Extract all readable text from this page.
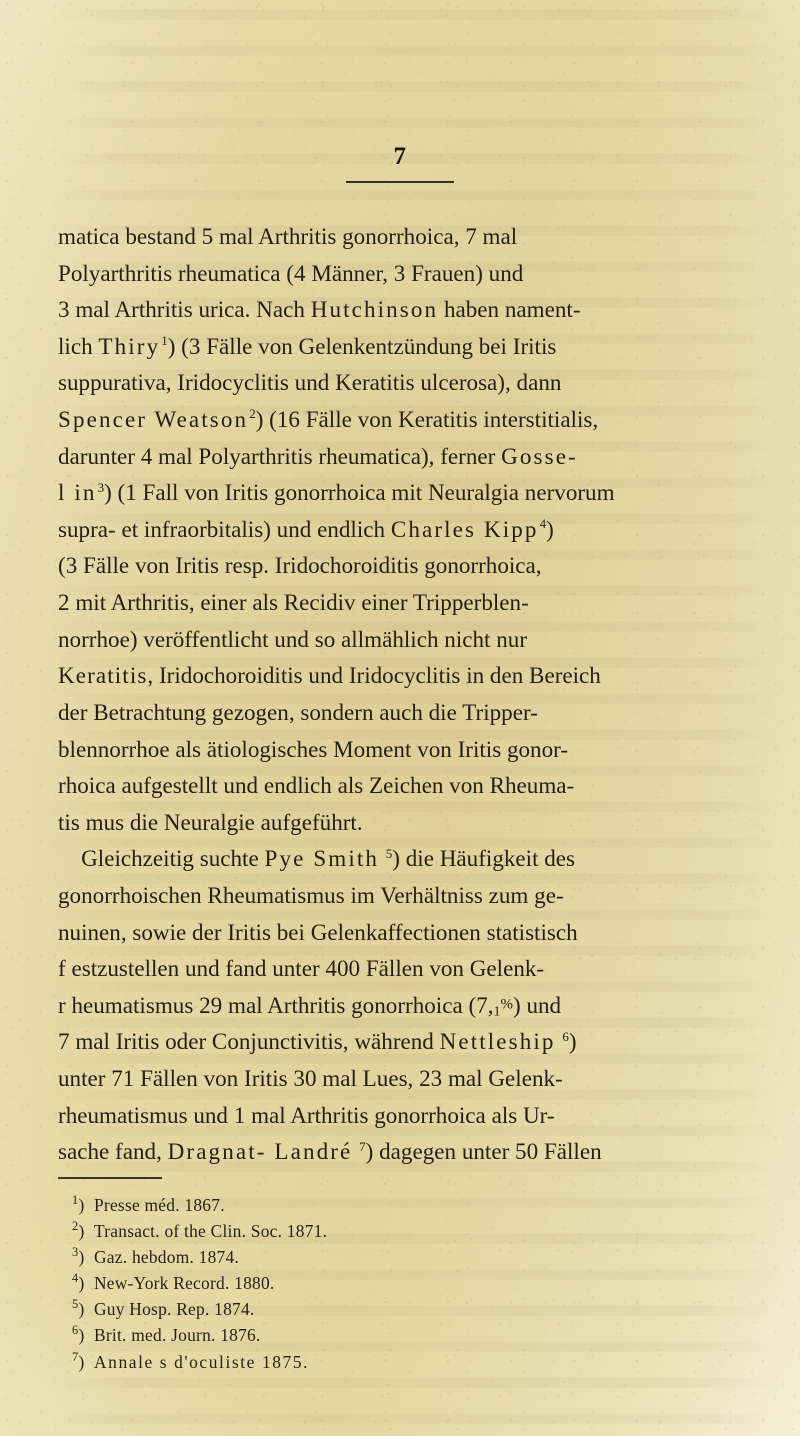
7
matica bestand 5 mal Arthritis gonorrhoica, 7 mal
Polyarthritis rheumatica (4 Männer, 3 Frauen) und
3 mal Arthritis urica. Nach Hutchinson haben nament-
lich Thiry$^1$) (3 Fälle von Gelenkentzündung bei Iritis
suppurativa, Iridocyclitis und Keratitis ulcerosa), dann
Spencer Weatson$^2$) (16 Fälle von Keratitis interstitialis,
darunter 4 mal Polyarthritis rheumatica), ferner Gosse-
l in$^3$) (1 Fall von Iritis gonorrhoica mit Neuralgia nervorum
supra- et infraorbitalis) und endlich Charles Kipp$^4$)
(3 Fälle von Iritis resp. Iridochoroiditis gonorrhoica,
2 mit Arthritis, einer als Recidiv einer Tripperblen-
norrhoe) veröffentlicht und so allmählich nicht nur
Keratitis, Iridochoroiditis und Iridocyclitis in den Bereich
der Betrachtung gezogen, sondern auch die Tripper-
blennorrhoe als ätiologisches Moment von Iritis gonor-
rhoica aufgestellt und endlich als Zeichen von Rheuma-
tis mus die Neuralgie aufgeführt.
Gleichzeitig suchte Pye Smith $^5$) die Häufigkeit des
gonorrhoischen Rheumatismus im Verhältniss zum ge-
nuinen, sowie der Iritis bei Gelenkaffectionen statistisch
f estzustellen und fand unter 400 Fällen von Gelenk-
r heumatismus 29 mal Arthritis gonorrhoica (7,1%) und
7 mal Iritis oder Conjunctivitis, während Nettleship $^6$)
unter 71 Fällen von Iritis 30 mal Lues, 23 mal Gelenk-
rheumatismus und 1 mal Arthritis gonorrhoica als Ur-
sache fand, Dragnat- Landré $^7$) dagegen unter 50 Fällen
$^1$) Presse méd. 1867.
$^2$) Transact. of the Clin. Soc. 1871.
$^3$) Gaz. hebdom. 1874.
$^4$) New-York Record. 1880.
$^5$) Guy Hosp. Rep. 1874.
$^6$) Brit. med. Journ. 1876.
$^7$) Annale s d'oculiste 1875.
